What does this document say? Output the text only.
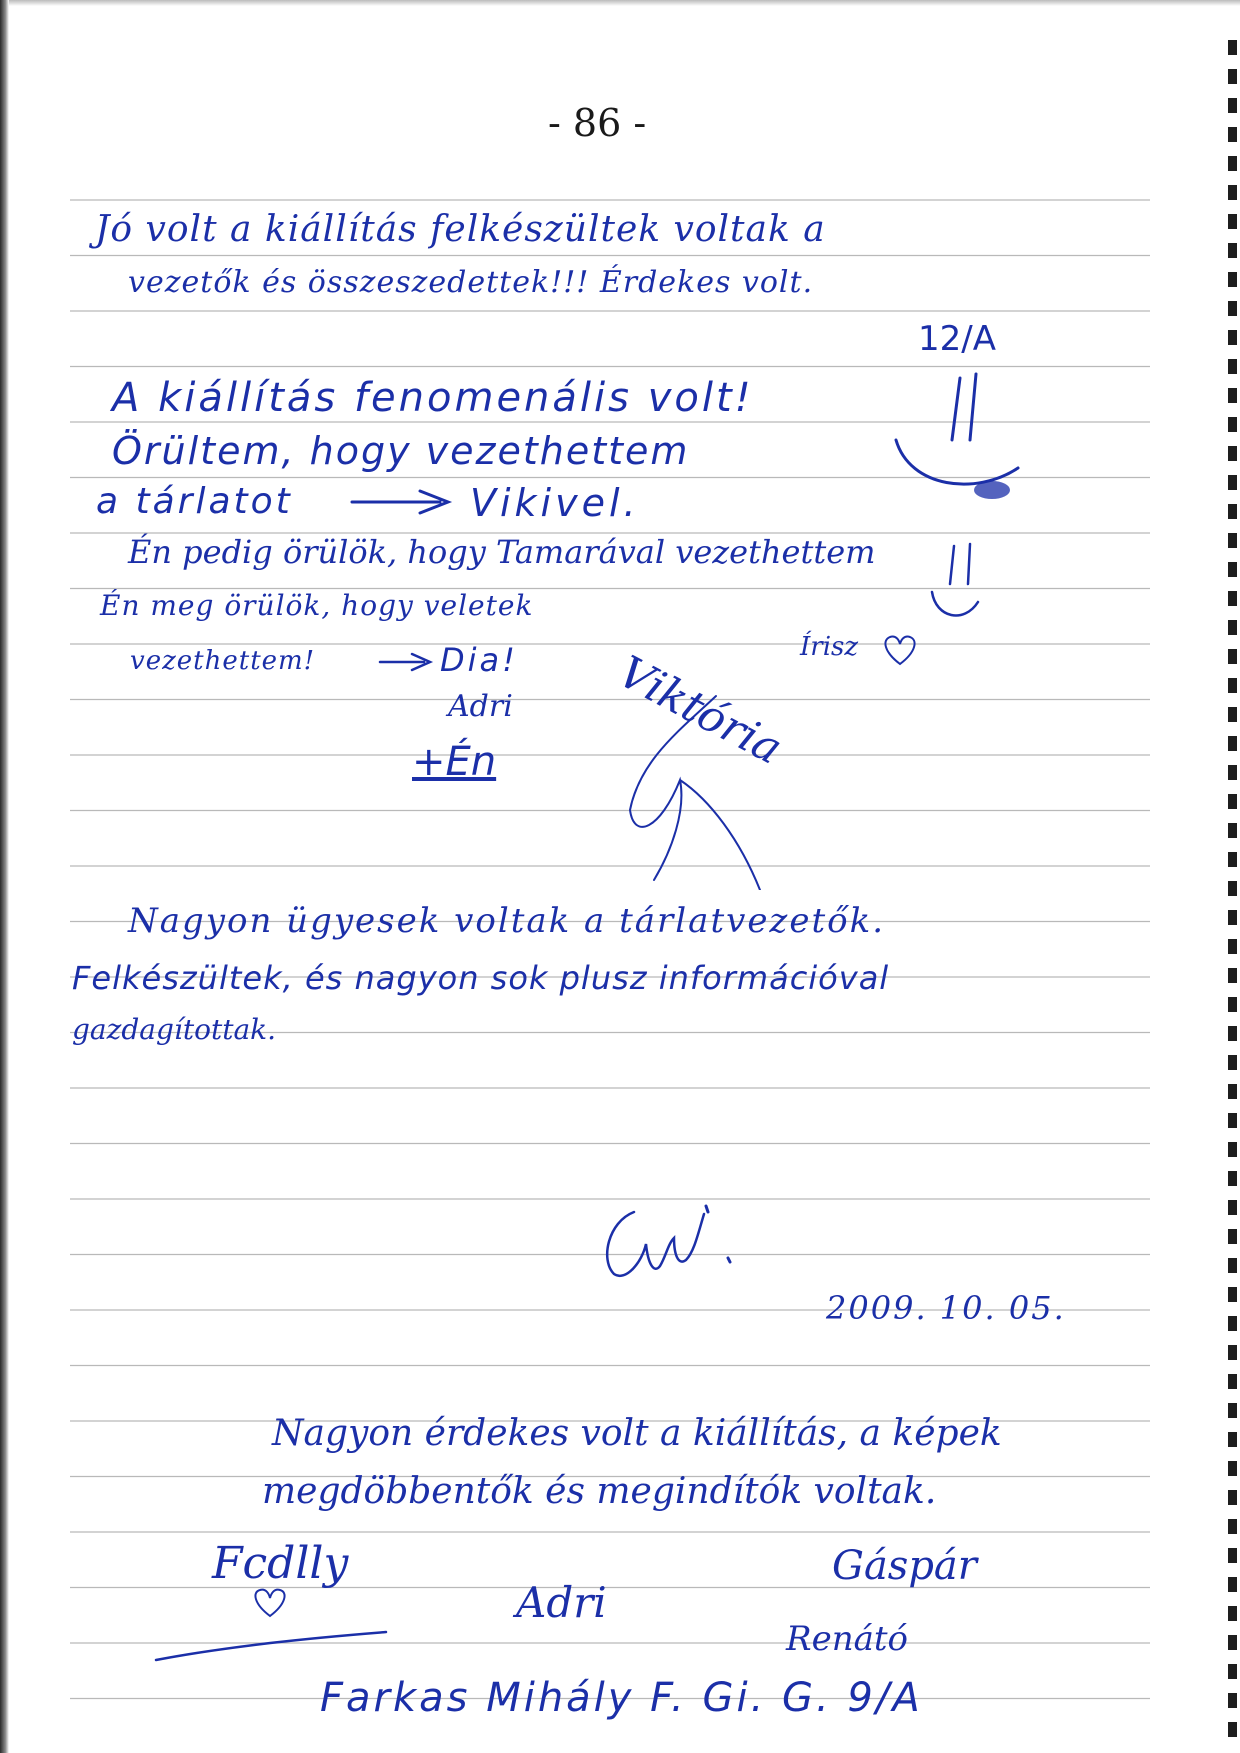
- 86 -
Jó volt a kiállítás felkészültek voltak a
vezetők és összeszedettek!!! Érdekes volt.
12/A
A kiállítás fenomenális volt!
Örültem, hogy vezethettem
a tárlatot	Vikivel.
Én pedig örülök, hogy Tamarával vezethettem
Én meg örülök, hogy veletek
vezethettem!	Dia!
Adri
+Én	Viktória Írisz
Nagyon ügyesek voltak a tárlatvezetők.
Felkészültek, és nagyon sok plusz információval
gazdagítottak.
2009. 10. 05.
Nagyon érdekes volt a kiállítás, a képek
megdöbbentők és megindítók voltak.
Fcdlly
Adri
Gáspár
Renátó
Farkas Mihály F. Gi. G. 9/A
